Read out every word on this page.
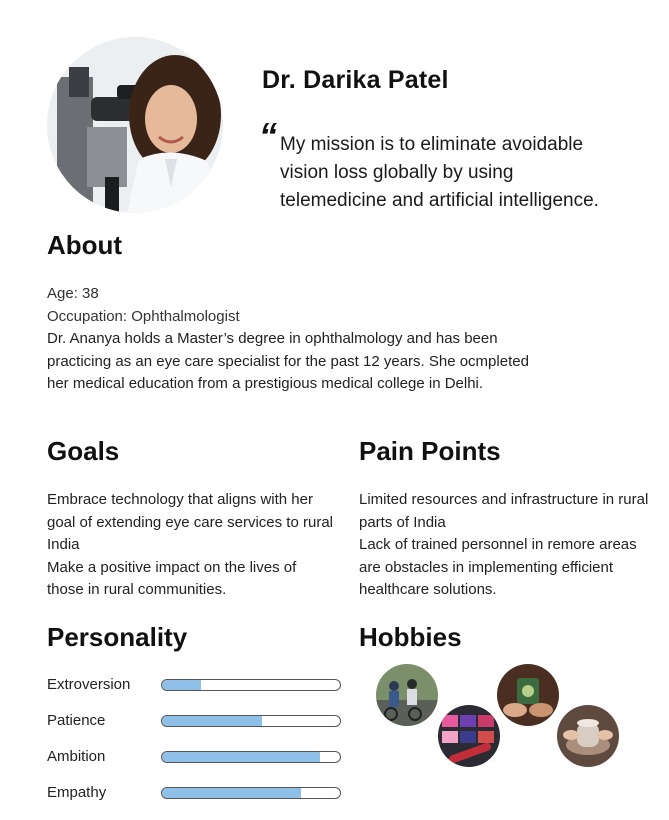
Dr. Darika Patel
“ My mission is to eliminate avoidable vision loss globally by using telemedicine and artificial intelligence.
About
Age: 38
Occupation: Ophthalmologist
Dr. Ananya holds a Master’s degree in ophthalmology and has been practicing as an eye care specialist for the past 12 years. She ocmpleted her medical education from a prestigious medical college in Delhi.
Goals
Embrace technology that aligns with her goal of extending eye care services to rural India
Make a positive impact on the lives of those in rural communities.
Pain Points
Limited resources and infrastructure in rural parts of India
Lack of trained personnel in remore areas are obstacles in implementing efficient healthcare solutions.
Personality
Extroversion
Patience
Ambition
Empathy
Hobbies
